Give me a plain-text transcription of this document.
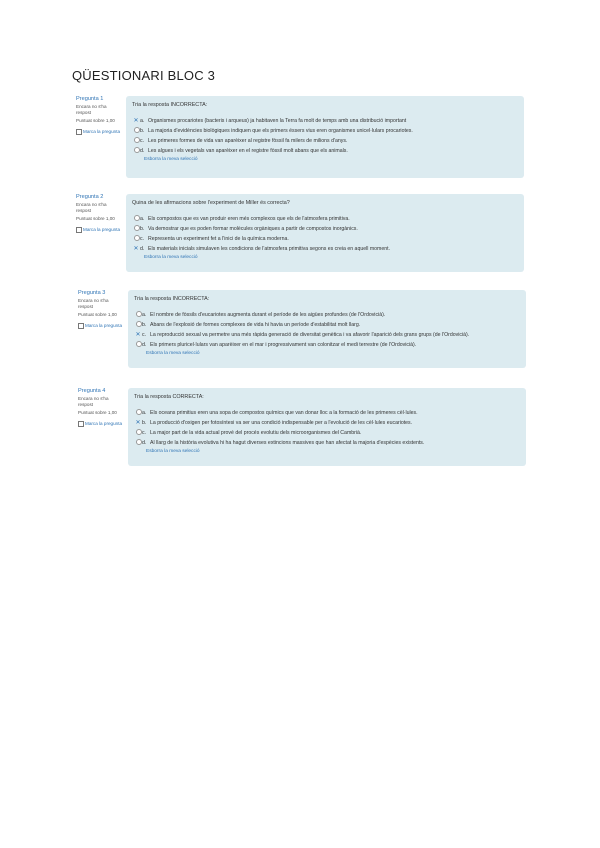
QÜESTIONARI BLOC 3
Pregunta 1
Encara no s'ha respost
Puntuat sobre 1,00
Marca la pregunta
Tria la resposta INCORRECTA:
✕a. Organismes procariotes (bacteris i arqueus) ja habitaven la Terra fa molt de temps amb una distribució important
b. La majoria d'evidències biològiques indiquen que els primers éssers vius eren organismes unicel·lulars procariotes.
c. Les primeres formes de vida van aparèixer al registre fòssil fa milers de milions d'anys.
d. Les algues i els vegetals van aparèixer en el registre fòssil molt abans que els animals.
Esborra la meva selecció
Pregunta 2
Encara no s'ha respost
Puntuat sobre 1,00
Marca la pregunta
Quina de les afirmacions sobre l'experiment de Miller és correcta?
a. Els compostos que es van produir eren més complexos que els de l'atmosfera primitiva.
b. Va demostrar que es poden formar molècules orgàniques a partir de compostos inorgànics.
c. Representa un experiment fet a l'inici de la química moderna.
✕d. Els materials inicials simulaven les condicions de l'atmosfera primitiva segons es creia en aquell moment.
Esborra la meva selecció
Pregunta 3
Encara no s'ha respost
Puntuat sobre 1,00
Marca la pregunta
Tria la resposta INCORRECTA:
a. El nombre de fòssils d'eucariotes augmenta durant el període de les aigües profundes (de l'Ordovicià).
b. Abans de l'explosió de formes complexes de vida hi havia un període d'estabilitat molt llarg.
✕c. La reproducció sexual va permetre una més ràpida generació de diversitat genètica i va afavorir l'aparició dels grans grups (de l'Ordovicià).
d. Els primers pluricel·lulars van aparèixer en el mar i progressivament van colonitzar el medi terrestre (de l'Ordovicià).
Esborra la meva selecció
Pregunta 4
Encara no s'ha respost
Puntuat sobre 1,00
Marca la pregunta
Tria la resposta CORRECTA:
a. Els oceans primitius eren una sopa de compostos químics que van donar lloc a la formació de les primeres cèl·lules.
✕b. La producció d'oxigen per fotosíntesi va ser una condició indispensable per a l'evolució de les cèl·lules eucariotes.
c. La major part de la vida actual prové del procés evolutiu dels microorganismes del Cambrià.
d. Al llarg de la història evolutiva hi ha hagut diverses extincions massives que han afectat la majoria d'espècies existents.
Esborra la meva selecció
